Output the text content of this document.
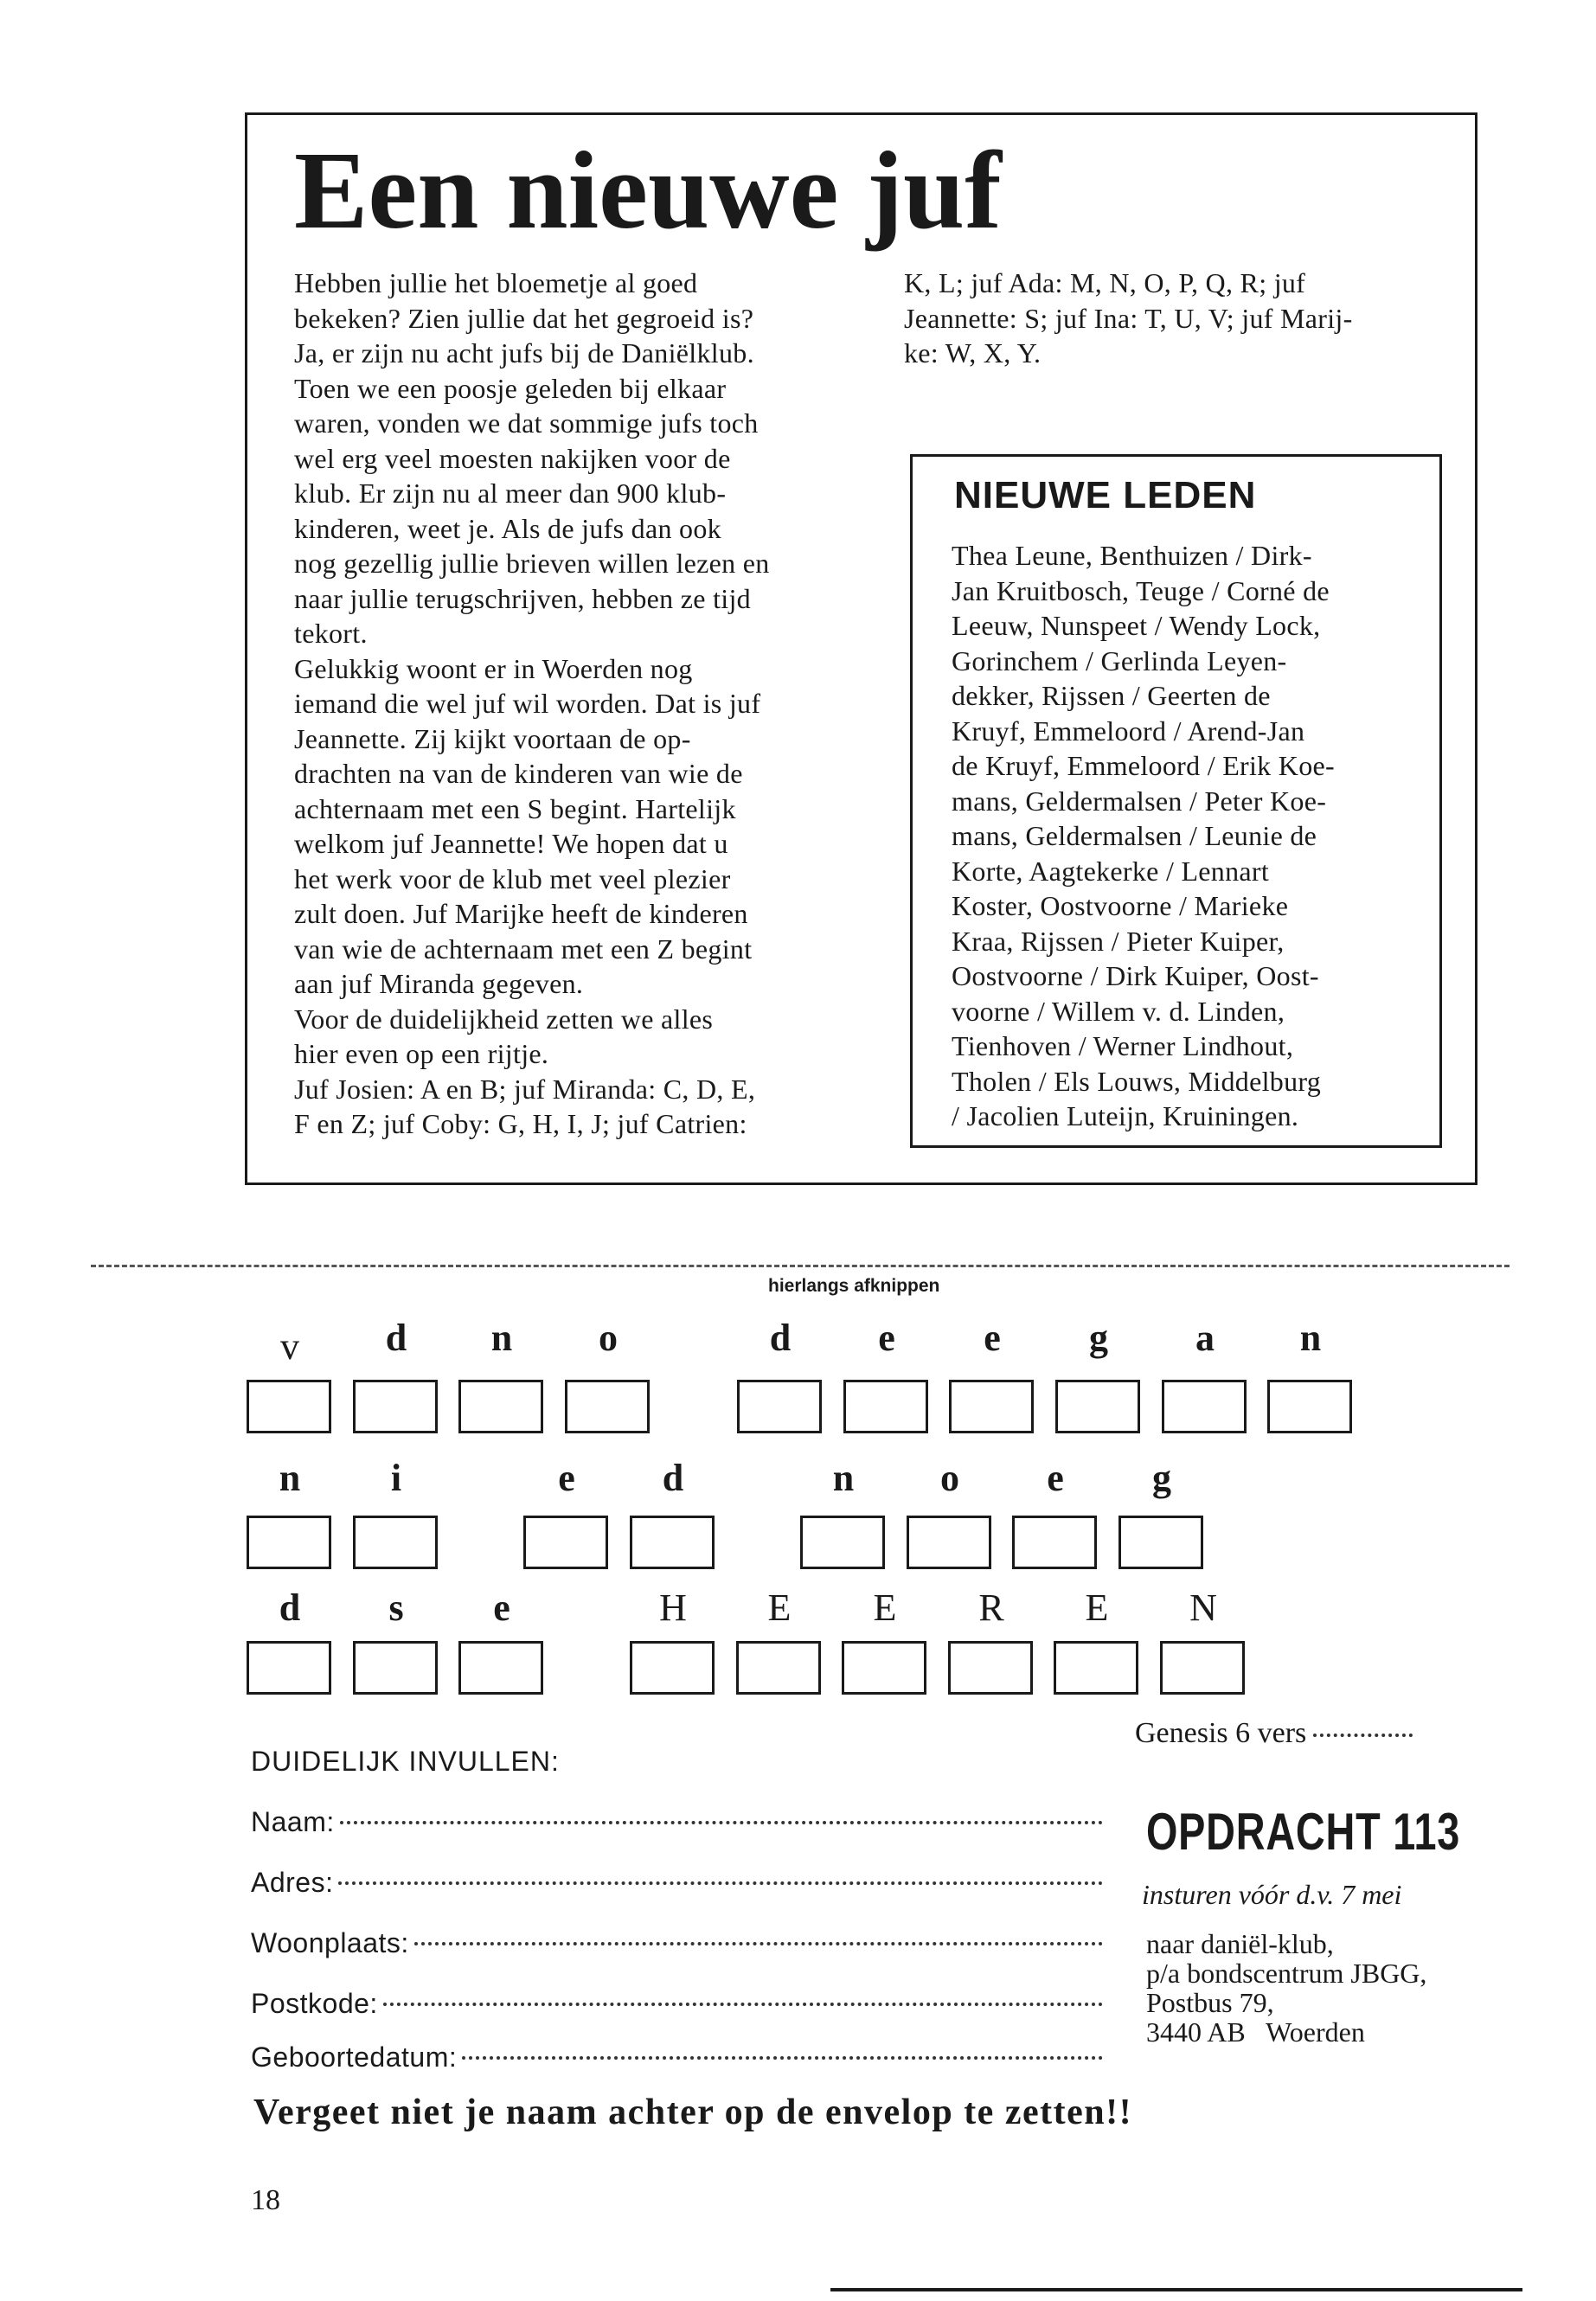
Een nieuwe juf

Hebben jullie het bloemetje al goed

bekeken? Zien jullie dat het gegroeid is?

Ja, er zijn nu acht jufs bij de Daniëlklub.

Toen we een poosje geleden bij elkaar

waren, vonden we dat sommige jufs toch

wel erg veel moesten nakijken voor de

klub. Er zijn nu al meer dan 900 klub-

kinderen, weet je. Als de jufs dan ook

nog gezellig jullie brieven willen lezen en

naar jullie terugschrijven, hebben ze tijd

tekort.

Gelukkig woont er in Woerden nog

iemand die wel juf wil worden. Dat is juf

Jeannette. Zij kijkt voortaan de op-

drachten na van de kinderen van wie de

achternaam met een S begint. Hartelijk

welkom juf Jeannette! We hopen dat u

het werk voor de klub met veel plezier

zult doen. Juf Marijke heeft de kinderen

van wie de achternaam met een Z begint

aan juf Miranda gegeven.

Voor de duidelijkheid zetten we alles

hier even op een rijtje.

Juf Josien: A en B; juf Miranda: C, D, E,

F en Z; juf Coby: G, H, I, J; juf Catrien:

K, L; juf Ada: M, N, O, P, Q, R; juf

Jeannette: S; juf Ina: T, U, V; juf Marij-

ke: W, X, Y.

NIEUWE LEDEN

Thea Leune, Benthuizen / Dirk-

Jan Kruitbosch, Teuge / Corné de

Leeuw, Nunspeet / Wendy Lock,

Gorinchem / Gerlinda Leyen-

dekker, Rijssen / Geerten de

Kruyf, Emmeloord / Arend-Jan

de Kruyf, Emmeloord / Erik Koe-

mans, Geldermalsen / Peter Koe-

mans, Geldermalsen / Leunie de

Korte, Aagtekerke / Lennart

Koster, Oostvoorne / Marieke

Kraa, Rijssen / Pieter Kuiper,

Oostvoorne / Dirk Kuiper, Oost-

voorne / Willem v. d. Linden,

Tienhoven / Werner Lindhout,

Tholen / Els Louws, Middelburg

/ Jacolien Luteijn, Kruiningen.

hierlangs afknippen
v	d	n	o	d	e	e	g	a	n
n	i	e	d	n	o	e	g
d	s	e	H	E	E	R	E	N

DUIDELIJK INVULLEN:

Naam:
Adres:
Woonplaats:
Postkode:
Geboortedatum:
Genesis 6 vers
OPDRACHT 113
insturen vóór d.v. 7 mei
naar daniël-klub,
p/a bondscentrum JBGG,
Postbus 79,
3440 AB   Woerden

Vergeet niet je naam achter op de envelop te zetten!!

18
